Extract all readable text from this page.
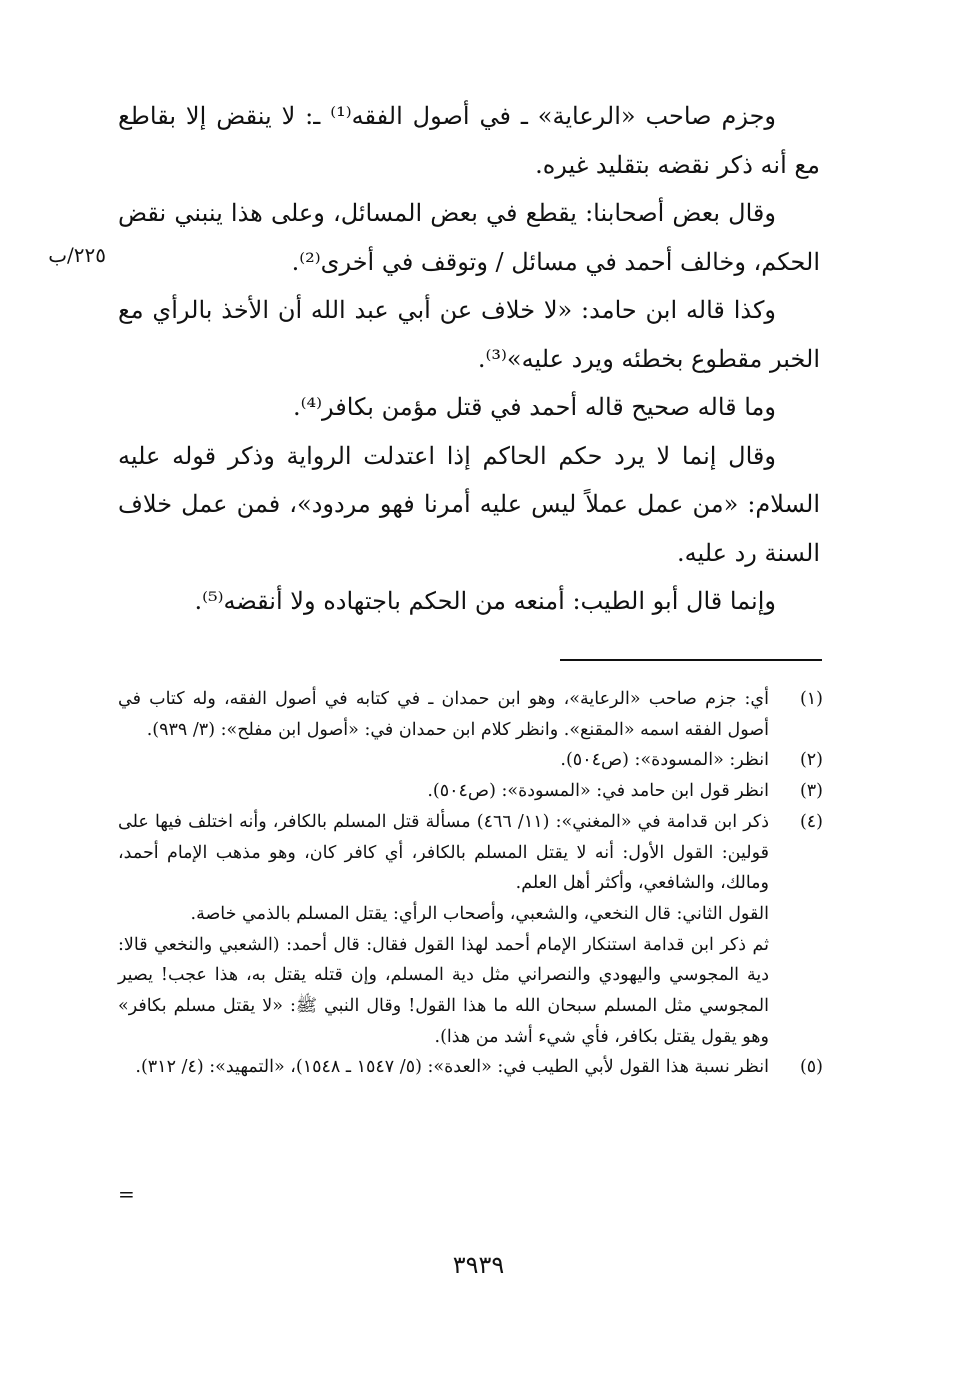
٢٢٥/ب

وجزم صاحب «الرعاية» ـ في أصول الفقه⁽¹⁾ ـ: لا ينقض إلا بقاطع مع أنه ذكر نقضه بتقليد غيره.

وقال بعض أصحابنا: يقطع في بعض المسائل، وعلى هذا ينبني نقض الحكم، وخالف أحمد في مسائل / وتوقف في أخرى⁽²⁾.

وكذا قاله ابن حامد: «لا خلاف عن أبي عبد الله أن الأخذ بالرأي مع الخبر مقطوع بخطئه ويرد عليه»⁽³⁾.

وما قاله صحيح قاله أحمد في قتل مؤمن بكافر⁽⁴⁾.

وقال إنما لا يرد حكم الحاكم إذا اعتدلت الرواية وذكر قوله عليه السلام: «من عمل عملاً ليس عليه أمرنا فهو مردود»، فمن عمل خلاف السنة رد عليه.

وإنما قال أبو الطيب: أمنعه من الحكم باجتهاده ولا أنقضه⁽⁵⁾.

(١)

أي: جزم صاحب «الرعاية»، وهو ابن حمدان ـ في كتابه في أصول الفقه، وله كتاب في أصول الفقه اسمه «المقنع». وانظر كلام ابن حمدان في: «أصول ابن مفلح»: (٣/ ٩٣٩).

(٢)

انظر: «المسودة»: (ص٥٠٤).

(٣)

انظر قول ابن حامد في: «المسودة»: (ص٥٠٤).

(٤)

ذكر ابن قدامة في «المغني»: (١١/ ٤٦٦) مسألة قتل المسلم بالكافر، وأنه اختلف فيها على قولين: القول الأول: أنه لا يقتل المسلم بالكافر، أي كافر كان، وهو مذهب الإمام أحمد، ومالك، والشافعي، وأكثر أهل العلم.

القول الثاني: قال النخعي، والشعبي، وأصحاب الرأي: يقتل المسلم بالذمي خاصة.

ثم ذكر ابن قدامة استنكار الإمام أحمد لهذا القول فقال: قال أحمد: (الشعبي والنخعي قالا: دية المجوسي واليهودي والنصراني مثل دية المسلم، وإن قتله يقتل به، هذا عجب! يصير المجوسي مثل المسلم سبحان الله ما هذا القول! وقال النبي ﷺ: «لا يقتل مسلم بكافر» وهو يقول يقتل بكافر، فأي شيء أشد من هذا).

(٥)

انظر نسبة هذا القول لأبي الطيب في: «العدة»: (٥/ ١٥٤٧ ـ ١٥٤٨)، «التمهيد»: (٤/ ٣١٢).

=
٣٩٣٩
